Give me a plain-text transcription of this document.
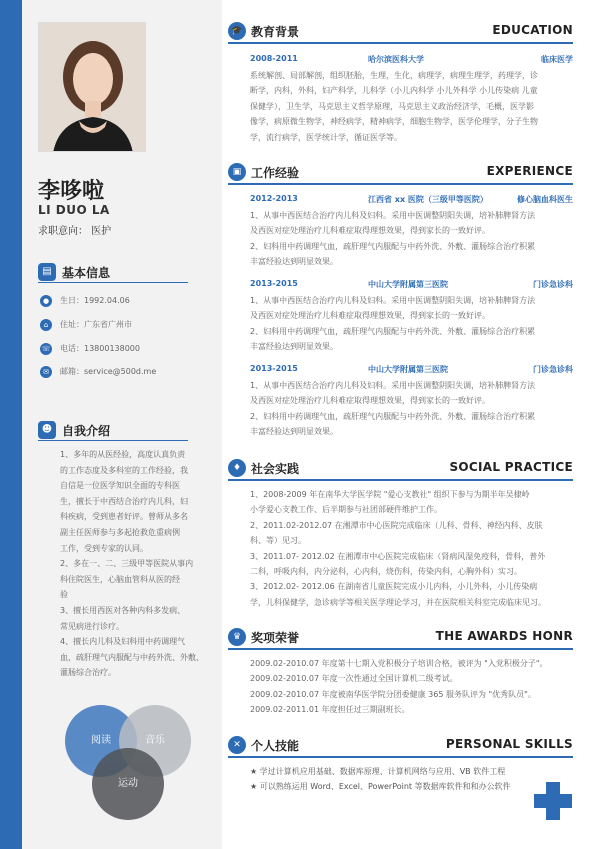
李哆啦
LI DUO LA
求职意向： 医护
▤ 基本信息
●	生日：1992.04.06
⌂	住址：广东省广州市
☏ 电话：13800138000
✉	邮箱：service@500d.me
☻ 自我介绍
1、多年的从医经验，高度认真负责
的工作态度及多科室的工作经验，我
自信是一位医学知识全面的专科医
生，擅长于中西结合治疗内儿科，妇
科疾病，受到患者好评。曾师从多名
副主任医师参与多起抢救危重病例
工作，受到专家的认同。
2、多在一、二、三级甲等医院从事内
科住院医生，心脑血管科从医的经
验
3、擅长用西医对各种内科多发病、
常见病进行诊疗。
4、擅长内儿科及妇科用中药调理气
血，疏肝理气内服配与中药外洗、外敷、
灌肠综合治疗。
阅读	音乐
运动
🎓 教育背景	EDUCATION
2008-2011	哈尔滨医科大学	临床医学
系统解剖、局部解剖，组织胚胎，生理，生化，病理学，病理生理学，药理学，诊
断学，内科，外科，妇产科学，儿科学（小儿内科学 小儿外科学 小儿传染病 儿童
保健学），卫生学，马克思主义哲学原理，马克思主义政治经济学，毛概，医学影
像学，病原微生物学，神经病学，精神病学，细胞生物学，医学伦理学，分子生物
学，流行病学，医学统计学，循证医学等。
▣ 工作经验	EXPERIENCE
2012-2013	江西省 xx 医院（三级甲等医院）	修心脑血科医生
1、从事中西医结合治疗内儿科及妇科。采用中医调整阴阳失调，培补肺脾肾方法
及西医对症处理治疗儿科难症取得理想效果，得到家长的一致好评。
2、妇科用中药调理气血，疏肝理气内服配与中药外洗、外敷、灌肠综合治疗积累
丰富经验达到明显效果。
2013-2015	中山大学附属第三医院	门诊急诊科
1、从事中西医结合治疗内儿科及妇科。采用中医调整阴阳失调，培补肺脾肾方法
及西医对症处理治疗儿科难症取得理想效果，得到家长的一致好评。
2、妇科用中药调理气血，疏肝理气内服配与中药外洗、外敷、灌肠综合治疗积累
丰富经验达到明显效果。
2013-2015	中山大学附属第三医院	门诊急诊科
1、从事中西医结合治疗内儿科及妇科。采用中医调整阴阳失调，培补肺脾肾方法
及西医对症处理治疗儿科难症取得理想效果，得到家长的一致好评。
2、妇科用中药调理气血，疏肝理气内服配与中药外洗、外敷、灌肠综合治疗积累
丰富经验达到明显效果。
♦ 社会实践	SOCIAL PRACTICE
1、2008-2009 年在南华大学医学院 "爱心支教社" 组织下参与为期半年吴棣岭
小学爱心支教工作、后半期参与社团部硬件维护工作。
2、2011.02-2012.07 在湘潭市中心医院完成临床（儿科、骨科、神经内科、皮肤
科、等）见习。
3、2011.07- 2012.02 在湘潭市中心医院完成临床（肾病风湿免疫科，骨科，普外
二科，呼吸内科，内分泌科，心内科，烧伤科，传染内科，心胸外科）实习。
3、2012.02- 2012.06 在湖南省儿童医院完成小儿内科，小儿外科，小儿传染病
学，儿科保健学，急诊病学等相关医学理论学习，并在医院相关科室完成临床见习。
♛ 奖项荣誉	THE AWARDS HONR
2009.02-2010.07 年度第十七期入党积极分子培训合格，被评为 "入党积极分子"。
2009.02-2010.07 年度一次性通过全国计算机二级考试。
2009.02-2010.07 年度被南华医学院分团委健康 365 服务队评为 "优秀队员"。
2009.02-2011.01 年度担任过三期副班长。
✕ 个人技能	PERSONAL SKILLS
★ 学过计算机应用基础、数据库原理、计算机网络与应用、VB 软件工程
★ 可以熟练运用 Word、Excel、PowerPoint 等数据库软件和和办公软件
